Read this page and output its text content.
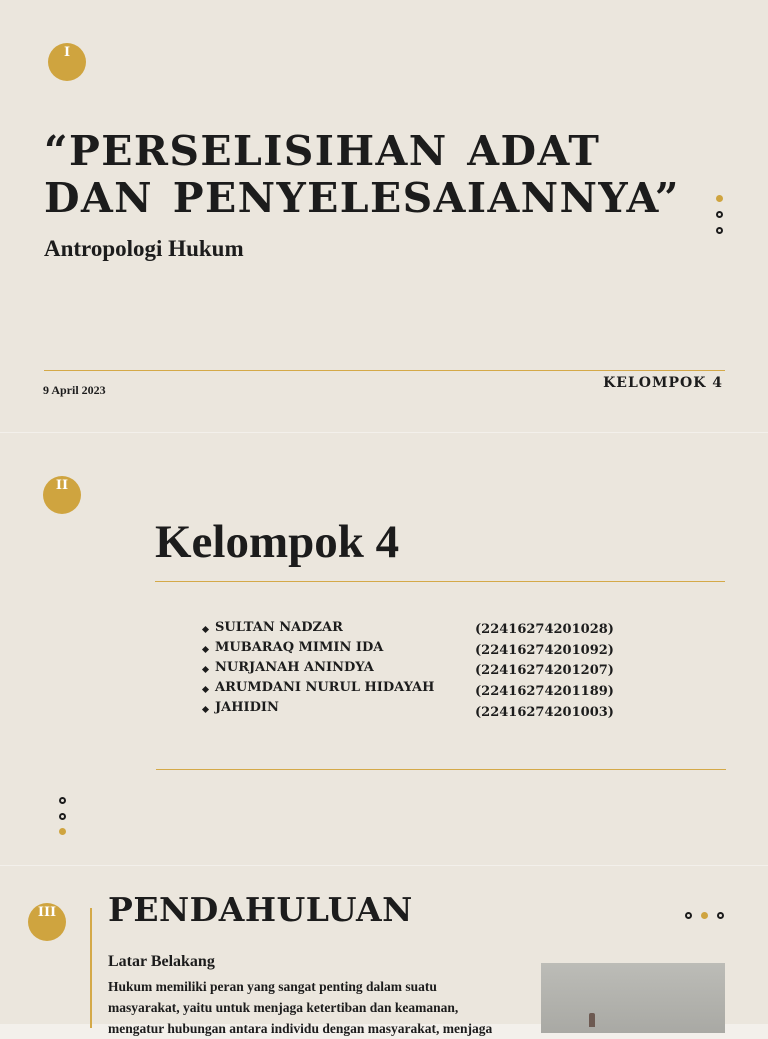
I
“PERSELISIHAN ADAT DAN PENYELESAIANNYA”
Antropologi Hukum
9 April 2023	KELOMPOK 4
II
Kelompok 4
SULTAN NADZAR
MUBARAQ MIMIN IDA
NURJANAH ANINDYA
ARUMDANI NURUL HIDAYAH
JAHIDIN
(22416274201028)
(22416274201092)
(22416274201207)
(22416274201189)
(22416274201003)
III PENDAHULUAN
Latar Belakang

Hukum memiliki peran yang sangat penting dalam suatu masyarakat, yaitu untuk menjaga ketertiban dan keamanan, mengatur hubungan antara individu dengan masyarakat, menjaga
